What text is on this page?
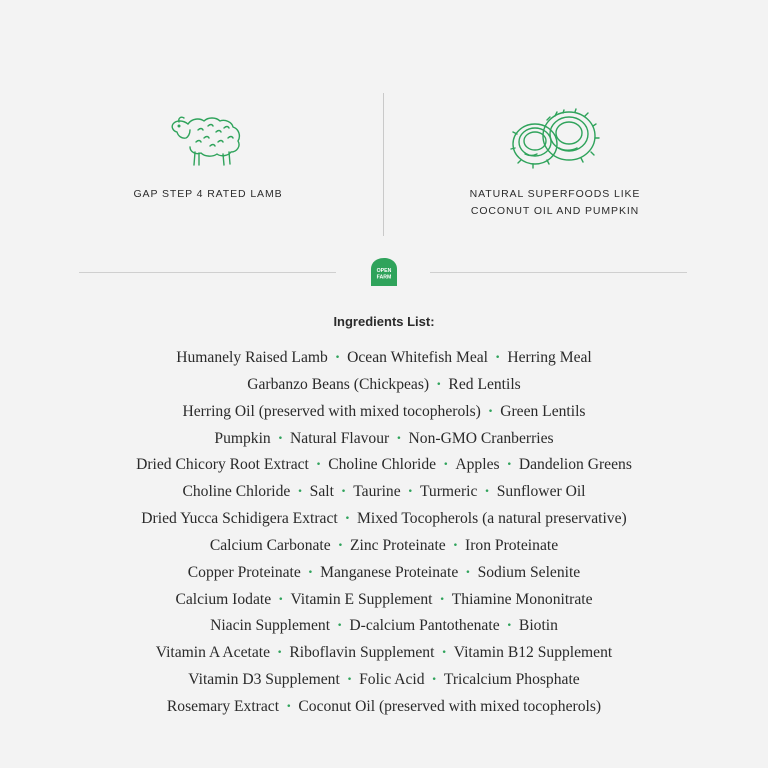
GAP STEP 4 RATED LAMB	NATURAL SUPERFOODS LIKE
COCONUT OIL AND PUMPKIN
OPEN
FARM
Ingredients List:
Humanely Raised Lamb • Ocean Whitefish Meal • Herring Meal
Garbanzo Beans (Chickpeas) • Red Lentils
Herring Oil (preserved with mixed tocopherols) • Green Lentils
Pumpkin • Natural Flavour • Non-GMO Cranberries
Dried Chicory Root Extract • Choline Chloride • Apples • Dandelion Greens
Choline Chloride • Salt • Taurine • Turmeric • Sunflower Oil
Dried Yucca Schidigera Extract • Mixed Tocopherols (a natural preservative)
Calcium Carbonate • Zinc Proteinate • Iron Proteinate
Copper Proteinate • Manganese Proteinate • Sodium Selenite
Calcium Iodate • Vitamin E Supplement • Thiamine Mononitrate
Niacin Supplement • D-calcium Pantothenate • Biotin
Vitamin A Acetate • Riboflavin Supplement • Vitamin B12 Supplement
Vitamin D3 Supplement • Folic Acid • Tricalcium Phosphate
Rosemary Extract • Coconut Oil (preserved with mixed tocopherols)
